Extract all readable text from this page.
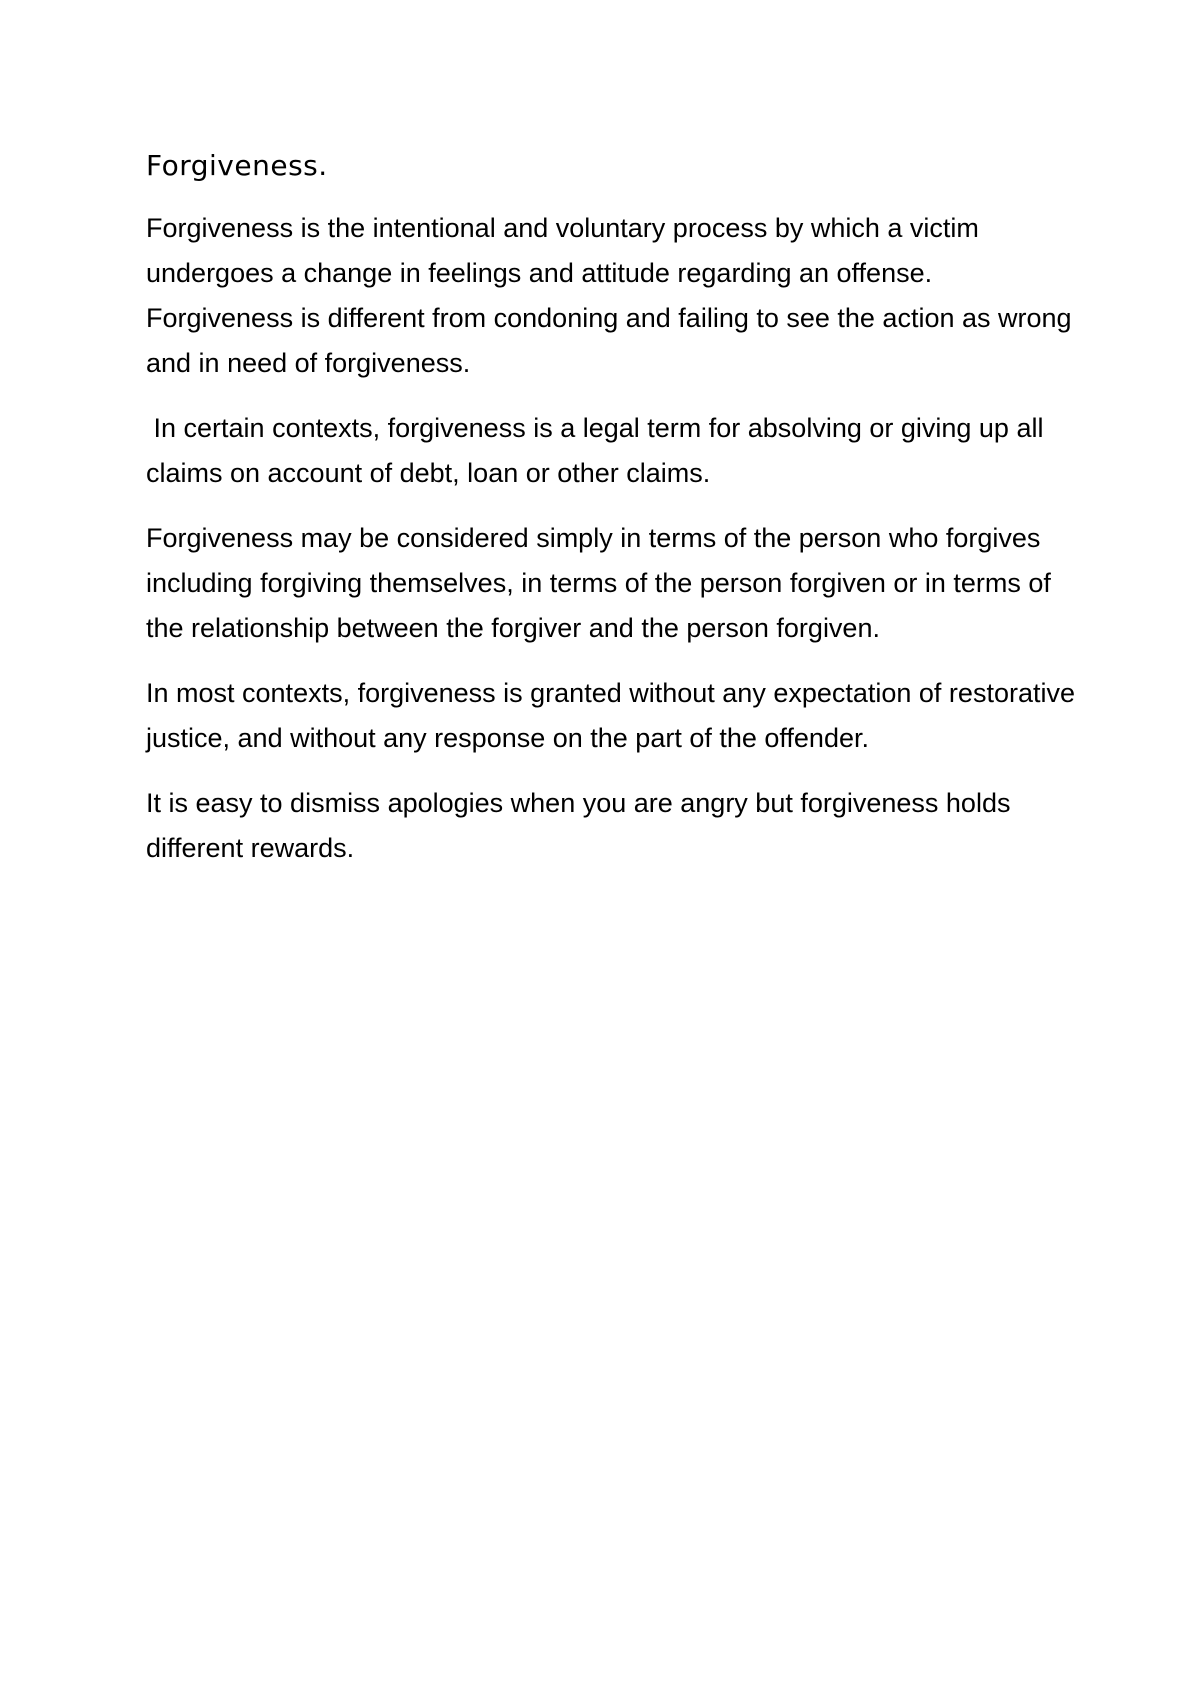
Forgiveness.

Forgiveness is the intentional and voluntary process by which a victim undergoes a change in feelings and attitude regarding an offense. Forgiveness is different from condoning and failing to see the action as wrong and in need of forgiveness.

In certain contexts, forgiveness is a legal term for absolving or giving up all claims on account of debt, loan or other claims.

Forgiveness may be considered simply in terms of the person who forgives including forgiving themselves, in terms of the person forgiven or in terms of the relationship between the forgiver and the person forgiven.

In most contexts, forgiveness is granted without any expectation of restorative justice, and without any response on the part of the offender.

It is easy to dismiss apologies when you are angry but forgiveness holds different rewards.
